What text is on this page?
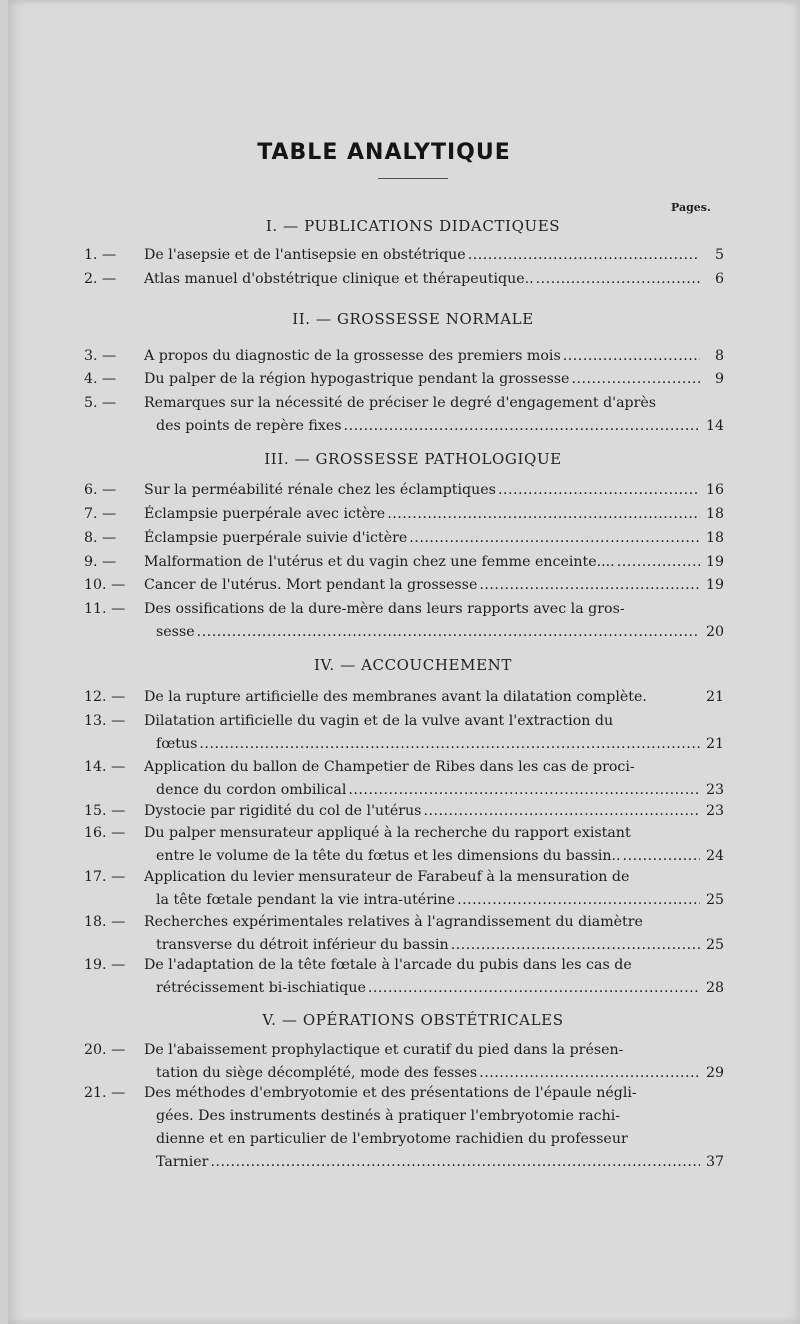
TABLE ANALYTIQUE
Pages.
I. — PUBLICATIONS DIDACTIQUES
II. — GROSSESSE NORMALE
III. — GROSSESSE PATHOLOGIQUE
IV. — ACCOUCHEMENT
V. — OPÉRATIONS OBSTÉTRICALES
1. —	De l'asepsie et de l'antisepsie en obstétrique . . .	5
2. —	Atlas manuel d'obstétrique clinique et thérapeutique.. . . .	6
3. —	A propos du diagnostic de la grossesse des premiers mois . . .	8
4. —	Du palper de la région hypogastrique pendant la grossesse . . .	9
5. —	Remarques sur la nécessité de préciser le degré d'engagement d'après
des points de repère fixes . . .	14
6. —	Sur la perméabilité rénale chez les éclamptiques . . .	16
7. —	Éclampsie puerpérale avec ictère . . .	18
8. —	Éclampsie puerpérale suivie d'ictère . . .	18
9. —	Malformation de l'utérus et du vagin chez une femme enceinte.... . . .	19
10. —	Cancer de l'utérus. Mort pendant la grossesse . . .	19
11. —	Des ossifications de la dure-mère dans leurs rapports avec la gros-
sesse . . .	20
12. —	De la rupture artificielle des membranes avant la dilatation complète.	21
13. —	Dilatation artificielle du vagin et de la vulve avant l'extraction du
fœtus . . .	21
14. —	Application du ballon de Champetier de Ribes dans les cas de proci-
dence du cordon ombilical . . .	23
15. —	Dystocie par rigidité du col de l'utérus . . .	23
16. —	Du palper mensurateur appliqué à la recherche du rapport existant
entre le volume de la tête du fœtus et les dimensions du bassin.. . . .	24
17. —	Application du levier mensurateur de Farabeuf à la mensuration de
la tête fœtale pendant la vie intra-utérine . . .	25
18. —	Recherches expérimentales relatives à l'agrandissement du diamètre
transverse du détroit inférieur du bassin . . .	25
19. —	De l'adaptation de la tête fœtale à l'arcade du pubis dans les cas de
rétrécissement bi-ischiatique . . .	28
20. —	De l'abaissement prophylactique et curatif du pied dans la présen-
tation du siège décomplété, mode des fesses . . .	29
21. —	Des méthodes d'embryotomie et des présentations de l'épaule négli-
gées. Des instruments destinés à pratiquer l'embryotomie rachi-
dienne et en particulier de l'embryotome rachidien du professeur
Tarnier . . .	37
